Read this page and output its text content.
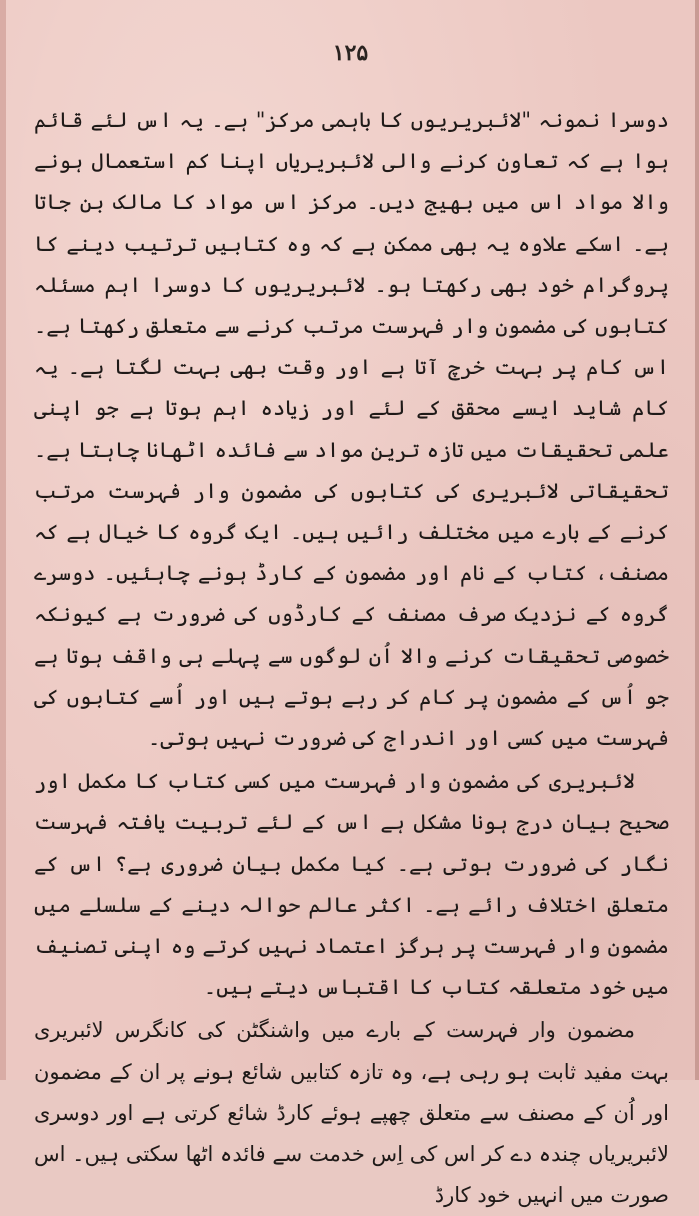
۱۲۵

دوسرا نمونہ "لائبریریوں کا باہمی مرکز" ہے۔ یہ اس لئے قائم ہوا ہے کہ تعاون کرنے والی لائبریریاں اپنا کم استعمال ہونے والا مواد اس میں بھیج دیں۔ مرکز اس مواد کا مالک بن جاتا ہے۔ اسکے علاوہ یہ بھی ممکن ہے کہ وہ کتابیں ترتیب دینے کا پروگرام خود بھی رکھتا ہو۔ لائبریریوں کا دوسرا اہم مسئلہ کتابوں کی مضمون وار فہرست مرتب کرنے سے متعلق رکھتا ہے۔ اس کام پر بہت خرچ آتا ہے اور وقت بھی بہت لگتا ہے۔ یہ کام شاید ایسے محقق کے لئے اور زیادہ اہم ہوتا ہے جو اپنی علمی تحقیقات میں تازہ ترین مواد سے فائدہ اٹھانا چاہتا ہے۔ تحقیقاتی لائبریری کی کتابوں کی مضمون وار فہرست مرتب کرنے کے بارے میں مختلف رائیں ہیں۔ ایک گروہ کا خیال ہے کہ مصنف، کتاب کے نام اور مضمون کے کارڈ ہونے چاہئیں۔ دوسرے گروہ کے نزدیک صرف مصنف کے کارڈوں کی ضرورت ہے کیونکہ خصوصی تحقیقات کرنے والا اُن لوگوں سے پہلے ہی واقف ہوتا ہے جو اُس کے مضمون پر کام کر رہے ہوتے ہیں اور اُسے کتابوں کی فہرست میں کسی اور اندراج کی ضرورت نہیں ہوتی۔

لائبریری کی مضمون وار فہرست میں کسی کتاب کا مکمل اور صحیح بیان درج ہونا مشکل ہے اس کے لئے تربیت یافتہ فہرست نگار کی ضرورت ہوتی ہے۔ کیا مکمل بیان ضروری ہے؟ اس کے متعلق اختلاف رائے ہے۔ اکثر عالم حوالہ دینے کے سلسلے میں مضمون وار فہرست پر ہرگز اعتماد نہیں کرتے وہ اپنی تصنیف میں خود متعلقہ کتاب کا اقتباس دیتے ہیں۔

مضمون وار فہرست کے بارے میں واشنگٹن کی کانگرس لائبریری بہت مفید ثابت ہو رہی ہے، وہ تازہ کتابیں شائع ہونے پر ان کے مضمون اور اُن کے مصنف سے متعلق چھپے ہوئے کارڈ شائع کرتی ہے اور دوسری لائبریریاں چندہ دے کر اس کی اِس خدمت سے فائدہ اٹھا سکتی ہیں۔ اس صورت میں انہیں خود کارڈ
